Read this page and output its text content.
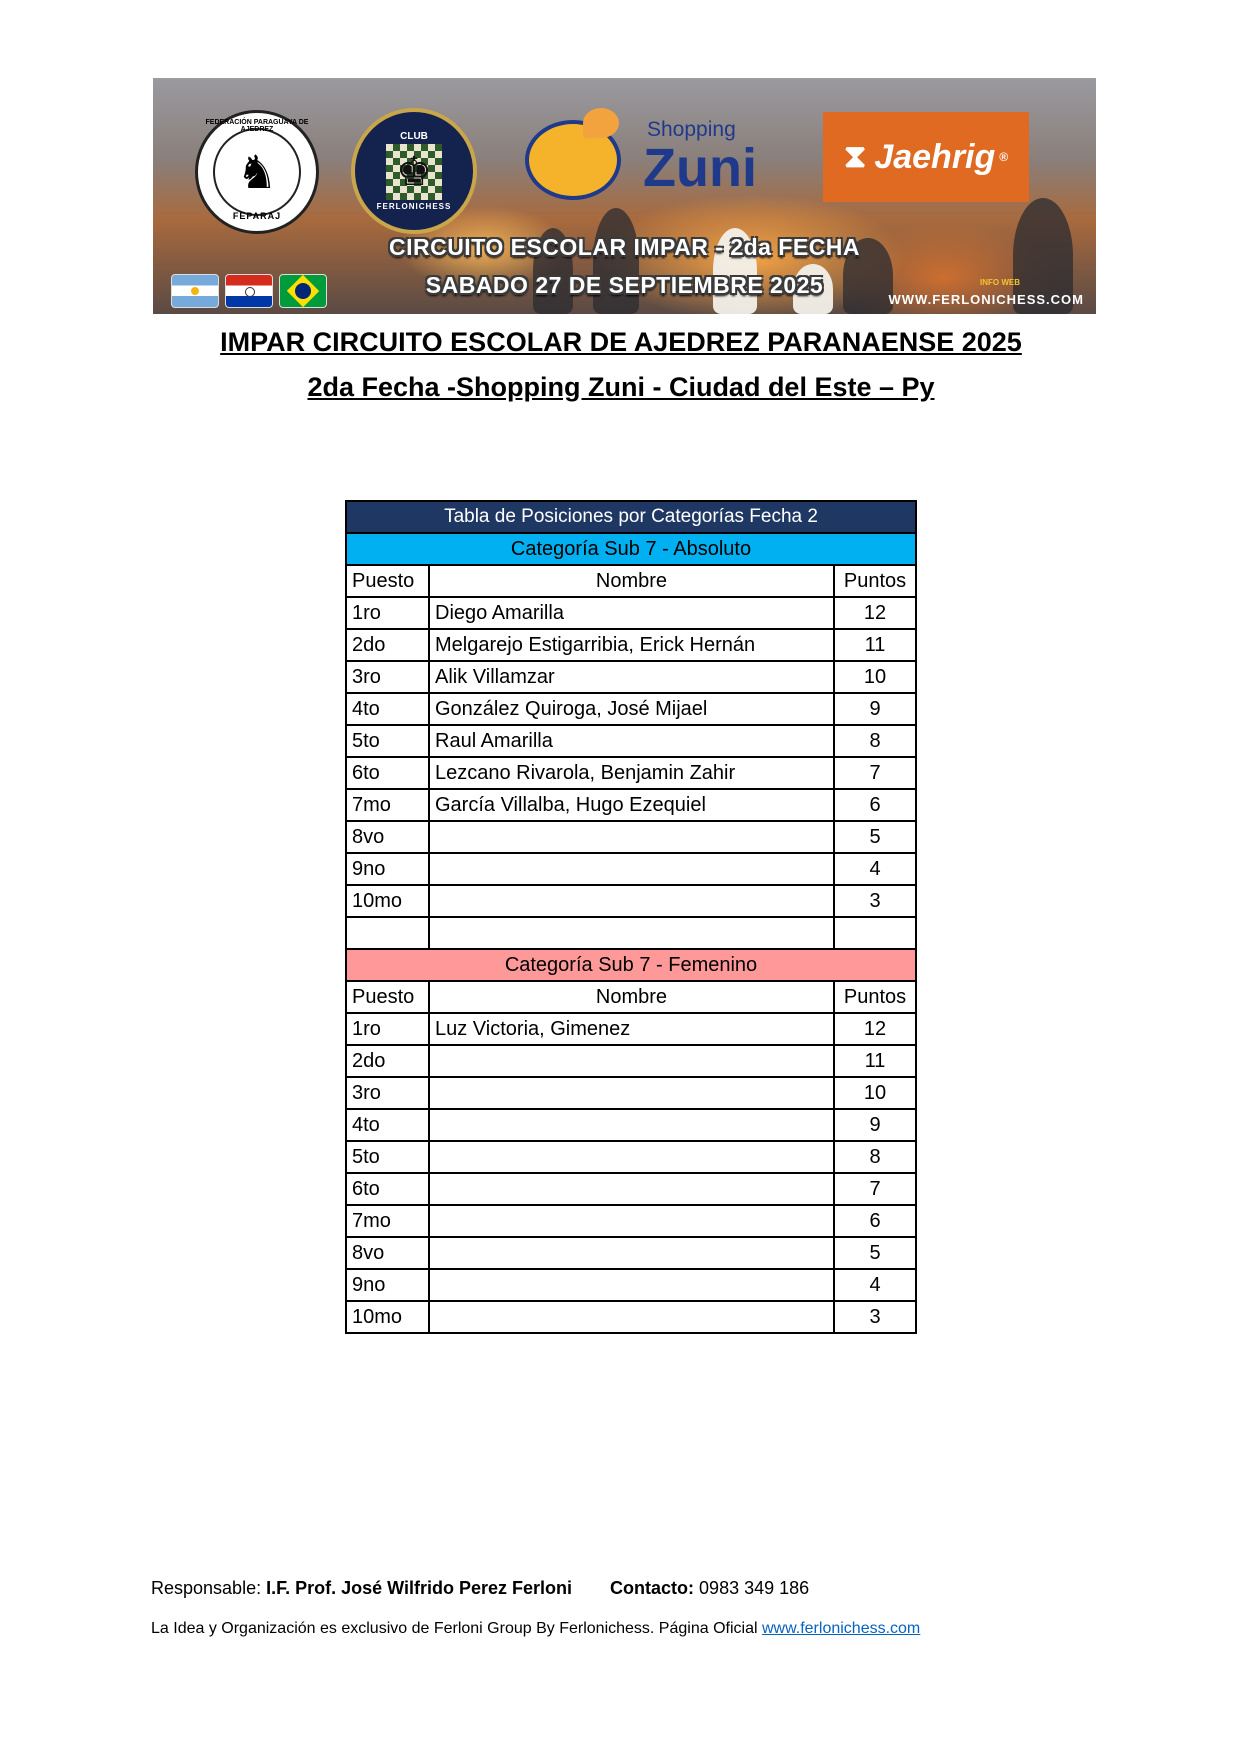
FEDERACIÓN PARAGUAYA DE AJEDREZ
♞
FEPARAJ
CLUB
♚
FERLONICHESS
Shopping
Zuni	⧗ Jaehrig ®
CIRCUITO ESCOLAR IMPAR - 2da FECHA
SABADO 27 DE SEPTIEMBRE 2025	INFO WEB
WWW.FERLONICHESS.COM
IMPAR CIRCUITO ESCOLAR DE AJEDREZ PARANAENSE 2025
2da Fecha -Shopping Zuni - Ciudad del Este – Py
Tabla de Posiciones por Categorías Fecha 2		
Categoría Sub 7 - Absoluto		
Puesto	Nombre	Puntos
1ro	Diego Amarilla	12
2do	Melgarejo Estigarribia, Erick Hernán	11
3ro	Alik Villamzar	10
4to	González Quiroga, José Mijael	9
5to	Raul Amarilla	8
6to	Lezcano Rivarola, Benjamin Zahir	7
7mo	García Villalba, Hugo Ezequiel	6
8vo		5
9no		4
10mo		3

Categoría Sub 7 - Femenino		
Puesto	Nombre	Puntos
1ro	Luz Victoria, Gimenez	12
2do		11
3ro		10
4to		9
5to		8
6to		7
7mo		6
8vo		5
9no		4
10mo		3
Responsable: I.F. Prof. José Wilfrido Perez Ferloni Contacto: 0983 349 186
La Idea y Organización es exclusivo de Ferloni Group By Ferlonichess. Página Oficial www.ferlonichess.com
